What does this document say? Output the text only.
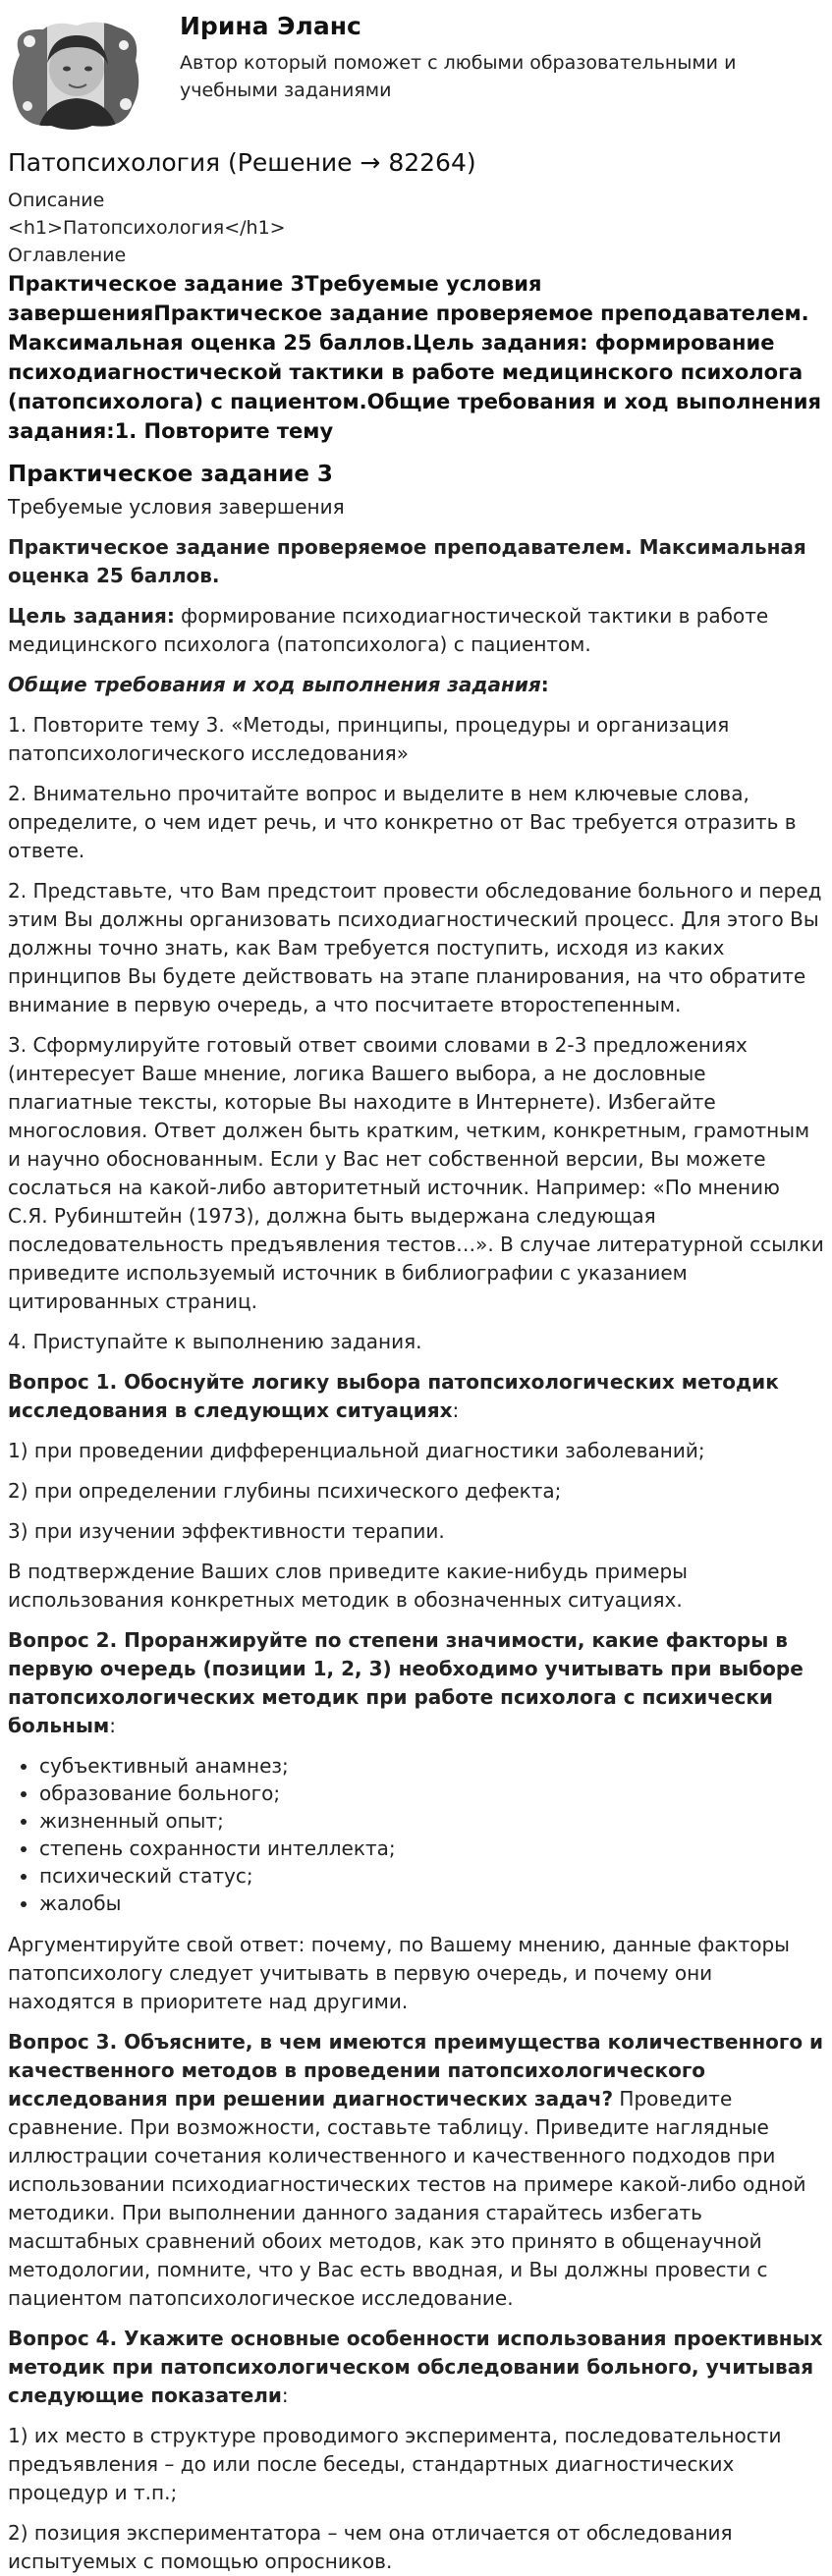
Ирина Эланс
Автор который поможет с любыми образовательными и учебными заданиями
Патопсихология (Решение → 82264)
Описание
<h1>Патопсихология</h1>
Оглавление
Практическое задание 3Требуемые условия завершенияПрактическое задание проверяемое преподавателем. Максимальная оценка 25 баллов.Цель задания: формирование психодиагностической тактики в работе медицинского психолога (патопсихолога) с пациентом.Общие требования и ход выполнения задания:1. Повторите тему
Практическое задание 3

Требуемые условия завершения

Практическое задание проверяемое преподавателем. Максимальная оценка 25 баллов.

Цель задания: формирование психодиагностической тактики в работе медицинского психолога (патопсихолога) с пациентом.

Общие требования и ход выполнения задания:

1. Повторите тему 3. «Методы, принципы, процедуры и организация патопсихологического исследования»

2. Внимательно прочитайте вопрос и выделите в нем ключевые слова, определите, о чем идет речь, и что конкретно от Вас требуется отразить в ответе.

2. Представьте, что Вам предстоит провести обследование больного и перед этим Вы должны организовать психодиагностический процесс. Для этого Вы должны точно знать, как Вам требуется поступить, исходя из каких принципов Вы будете действовать на этапе планирования, на что обратите внимание в первую очередь, а что посчитаете второстепенным.

3. Сформулируйте готовый ответ своими словами в 2-3 предложениях (интересует Ваше мнение, логика Вашего выбора, а не дословные плагиатные тексты, которые Вы находите в Интернете). Избегайте многословия. Ответ должен быть кратким, четким, конкретным, грамотным и научно обоснованным. Если у Вас нет собственной версии, Вы можете сослаться на какой-либо авторитетный источник. Например: «По мнению С.Я. Рубинштейн (1973), должна быть выдержана следующая последовательность предъявления тестов…». В случае литературной ссылки приведите используемый источник в библиографии с указанием цитированных страниц.

4. Приступайте к выполнению задания.

Вопрос 1. Обоснуйте логику выбора патопсихологических методик исследования в следующих ситуациях:

1) при проведении дифференциальной диагностики заболеваний;

2) при определении глубины психического дефекта;

3) при изучении эффективности терапии.

В подтверждение Ваших слов приведите какие-нибудь примеры использования конкретных методик в обозначенных ситуациях.

Вопрос 2. Проранжируйте по степени значимости, какие факторы в первую очередь (позиции 1, 2, 3) необходимо учитывать при выборе патопсихологических методик при работе психолога с психически больным:

• субъективный анамнез;
• образование больного;
• жизненный опыт;
• степень сохранности интеллекта;
• психический статус;
• жалобы

Аргументируйте свой ответ: почему, по Вашему мнению, данные факторы патопсихологу следует учитывать в первую очередь, и почему они находятся в приоритете над другими.

Вопрос 3. Объясните, в чем имеются преимущества количественного и качественного методов в проведении патопсихологического исследования при решении диагностических задач? Проведите сравнение. При возможности, составьте таблицу. Приведите наглядные иллюстрации сочетания количественного и качественного подходов при использовании психодиагностических тестов на примере какой-либо одной методики. При выполнении данного задания старайтесь избегать масштабных сравнений обоих методов, как это принято в общенаучной методологии, помните, что у Вас есть вводная, и Вы должны провести с пациентом патопсихологическое исследование.

Вопрос 4. Укажите основные особенности использования проективных методик при патопсихологическом обследовании больного, учитывая следующие показатели:

1) их место в структуре проводимого эксперимента, последовательности предъявления – до или после беседы, стандартных диагностических процедур и т.п.;

2) позиция экспериментатора – чем она отличается от обследования испытуемых с помощью опросников.
